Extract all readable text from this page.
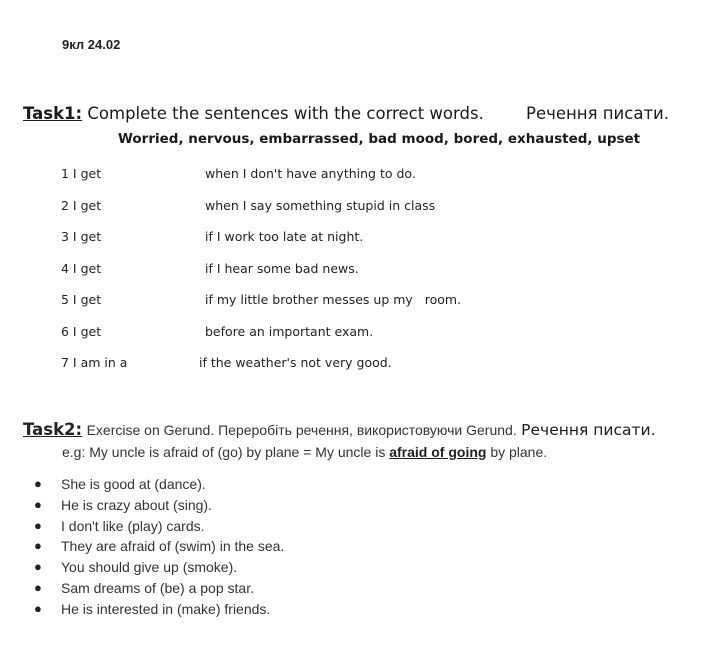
9кл 24.02
Task1: Complete the sentences with the correct words.	Речення писати.
Worried, nervous, embarrassed, bad mood, bored, exhausted, upset
1 I get	when I don't have anything to do.
2 I get	when I say something stupid in class
3 I get	if I work too late at night.
4 I get	if I hear some bad news.
5 I get	if my little brother messes up my   room.
6 I get	before an important exam.
7 I am in a	if the weather's not very good.
Task2: Exercise on Gerund. Переробіть речення, використовуючи Gerund. Речення писати.
e.g: My uncle is afraid of (go) by plane = My uncle is afraid of going by plane.
● She is good at (dance).
● He is crazy about (sing).
● I don't like (play) cards.
● They are afraid of (swim) in the sea.
● You should give up (smoke).
● Sam dreams of (be) a pop star.
● He is interested in (make) friends.
